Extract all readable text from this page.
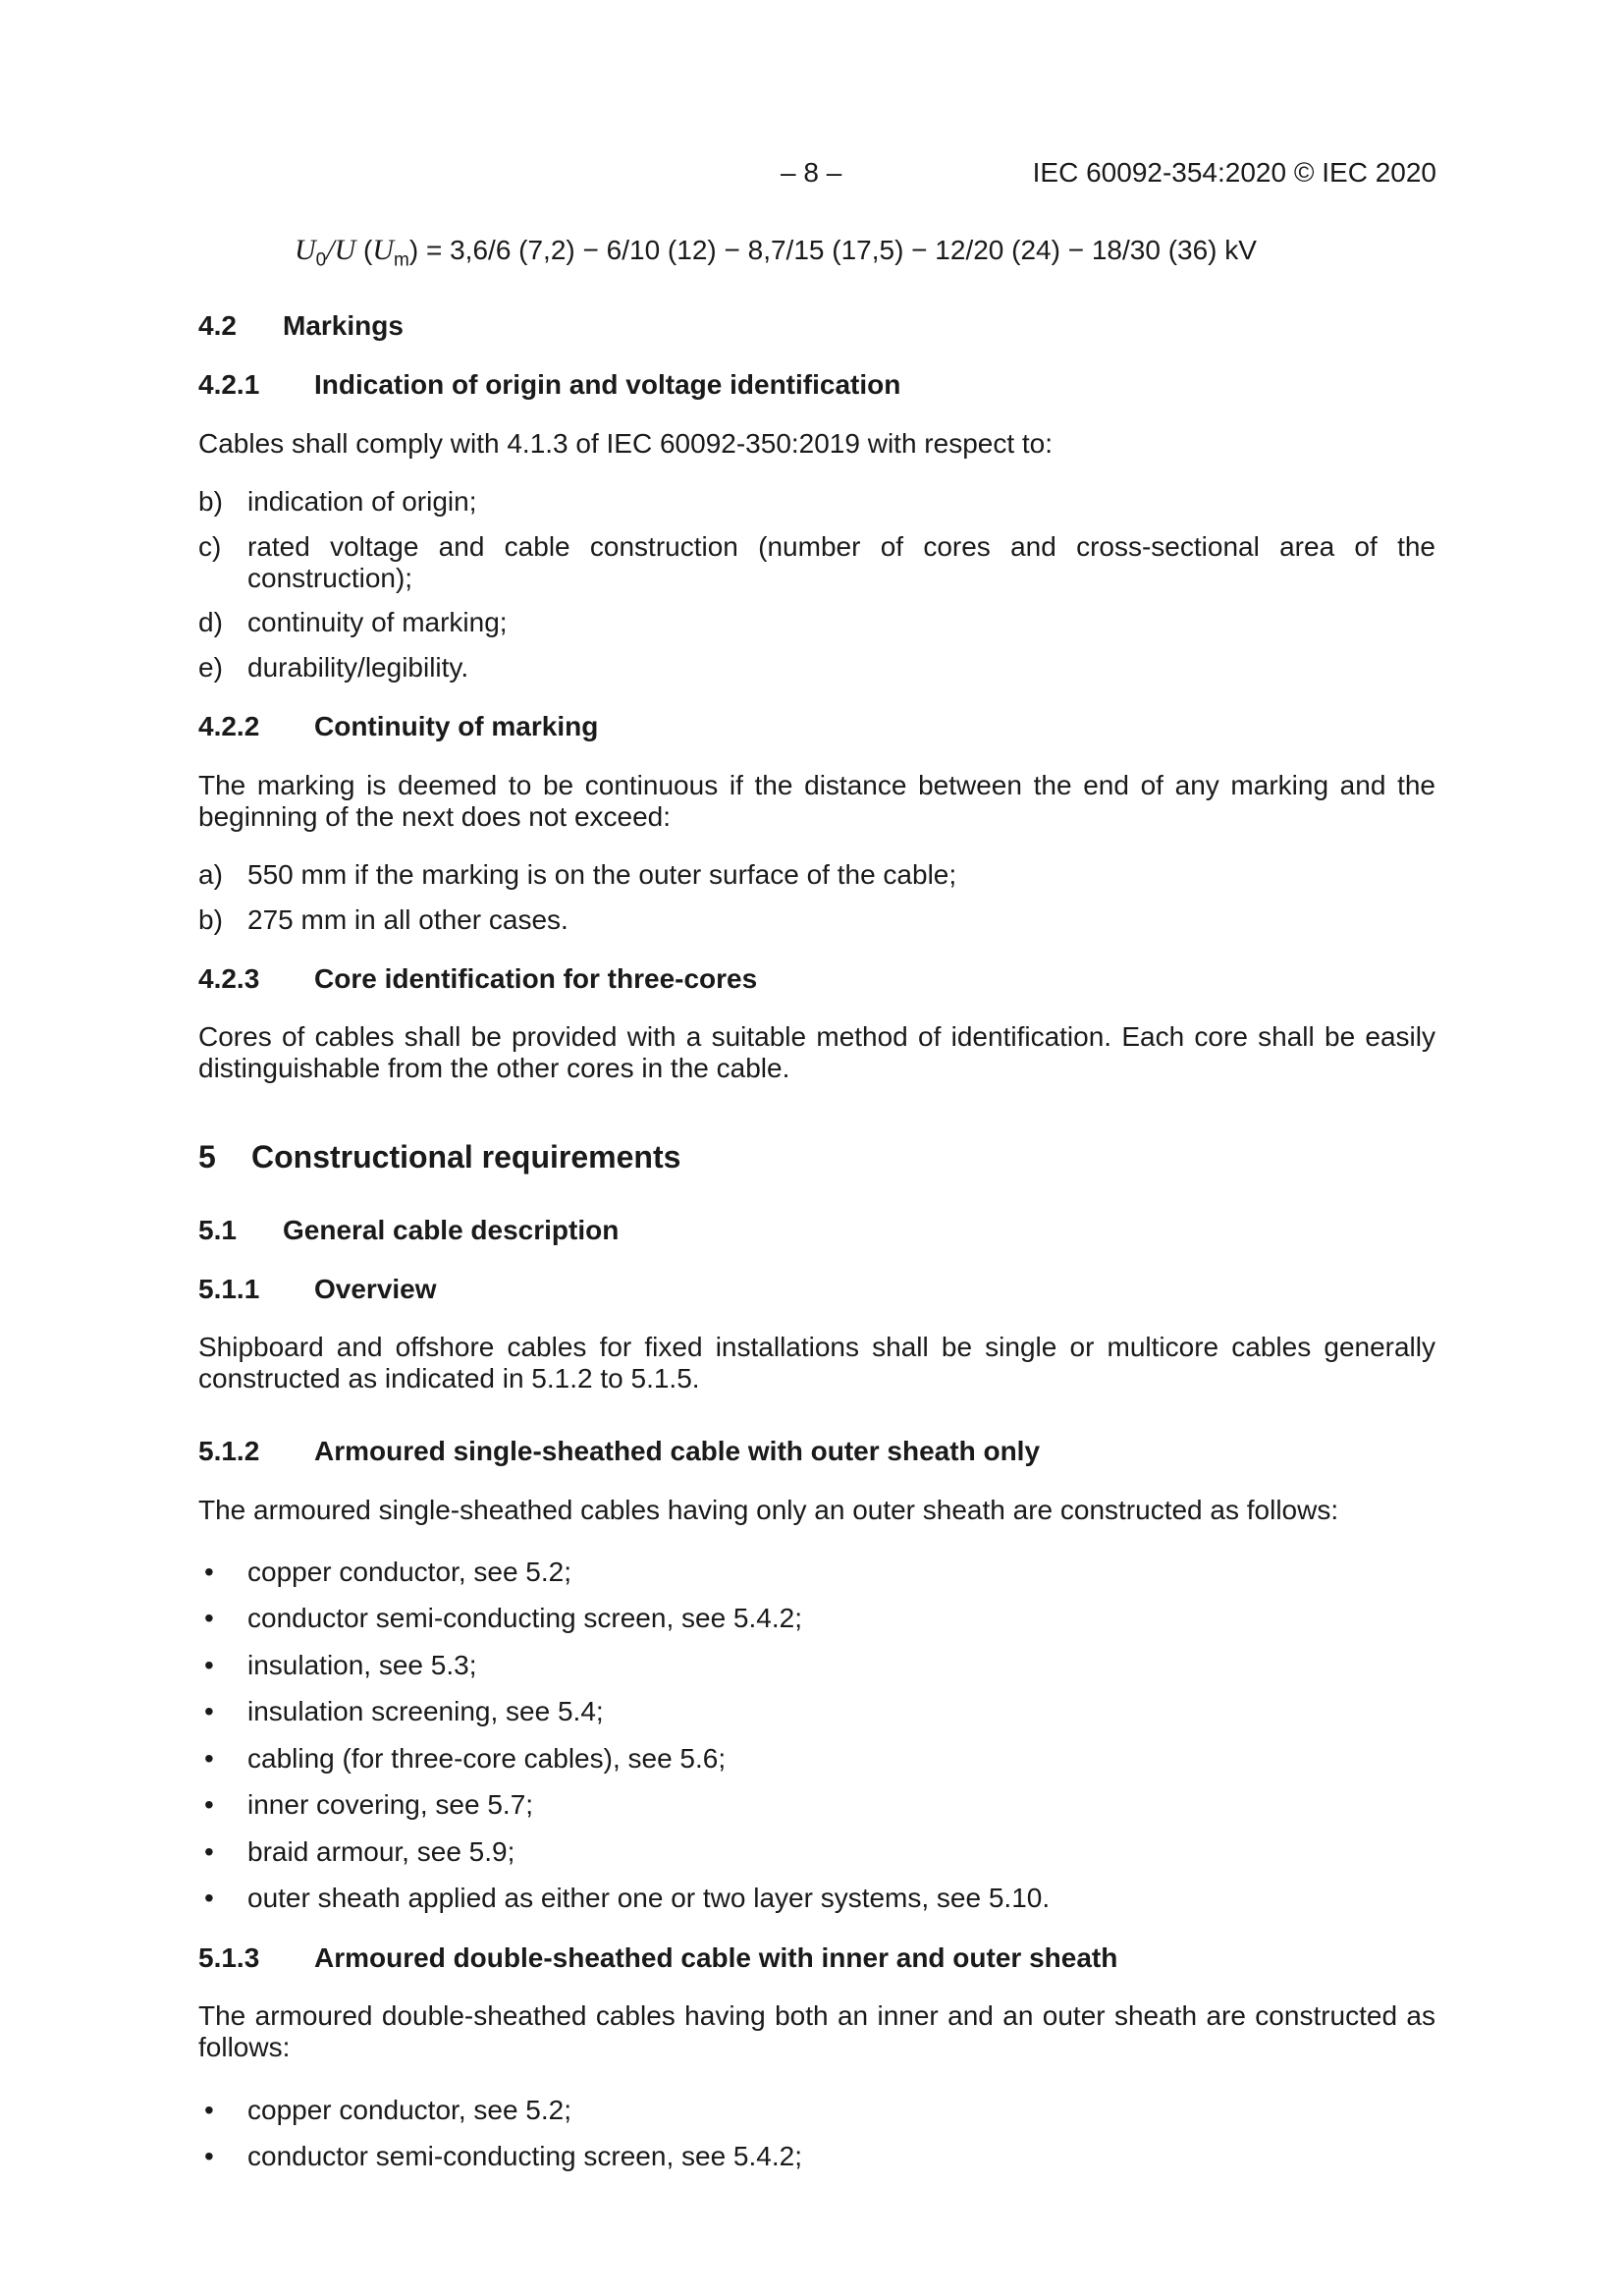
– 8 –	IEC 60092-354:2020 © IEC 2020
$U_0/U$ $(U_m) = 3,6/6$ (7,2) − 6/10 (12) − 8,7/15 (17,5) − 12/20 (24) − 18/30 (36) kV
4.2 Markings
4.2.1 Indication of origin and voltage identification
Cables shall comply with 4.1.3 of IEC 60092-350:2019 with respect to:
b) indication of origin;
c) rated voltage and cable construction (number of cores and cross-sectional area of the construction);
d) continuity of marking;
e) durability/legibility.
4.2.2 Continuity of marking
The marking is deemed to be continuous if the distance between the end of any marking and the beginning of the next does not exceed:
a) 550 mm if the marking is on the outer surface of the cable;
b) 275 mm in all other cases.
4.2.3 Core identification for three-cores
Cores of cables shall be provided with a suitable method of identification. Each core shall be easily distinguishable from the other cores in the cable.
5 Constructional requirements
5.1 General cable description
5.1.1 Overview
Shipboard and offshore cables for fixed installations shall be single or multicore cables generally constructed as indicated in 5.1.2 to 5.1.5.
5.1.2 Armoured single-sheathed cable with outer sheath only
The armoured single-sheathed cables having only an outer sheath are constructed as follows:
• copper conductor, see 5.2;
• conductor semi-conducting screen, see 5.4.2;
• insulation, see 5.3;
• insulation screening, see 5.4;
• cabling (for three-core cables), see 5.6;
• inner covering, see 5.7;
• braid armour, see 5.9;
• outer sheath applied as either one or two layer systems, see 5.10.
5.1.3 Armoured double-sheathed cable with inner and outer sheath
The armoured double-sheathed cables having both an inner and an outer sheath are constructed as follows:
• copper conductor, see 5.2;
• conductor semi-conducting screen, see 5.4.2;
